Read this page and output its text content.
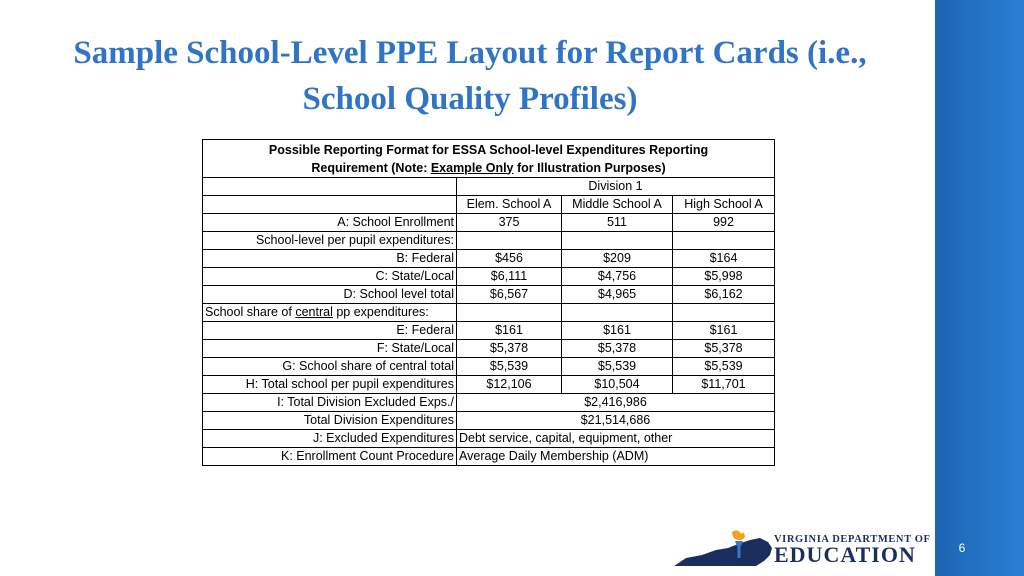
Sample School-Level PPE Layout for Report Cards (i.e.,
School Quality Profiles)
Possible Reporting Format for ESSA School-level Expenditures Reporting
Requirement (Note: Example Only for Illustration Purposes)			
	Division 1		
	Elem. School A	Middle School A	High School A
A: School Enrollment	375	511	992
School-level per pupil expenditures:			
B: Federal	$456	$209	$164
C: State/Local	$6,111	$4,756	$5,998
D: School level total	$6,567	$4,965	$6,162
School share of central pp expenditures:			
E: Federal	$161	$161	$161
F: State/Local	$5,378	$5,378	$5,378
G: School share of central total	$5,539	$5,539	$5,539
H: Total school per pupil expenditures	$12,106	$10,504	$11,701
I: Total Division Excluded Exps./	$2,416,986		
Total Division Expenditures	$21,514,686		
J: Excluded Expenditures	Debt service, capital, equipment, other		
K: Enrollment Count Procedure	Average Daily Membership (ADM)		
VIRGINIA DEPARTMENT OF
EDUCATION	6
